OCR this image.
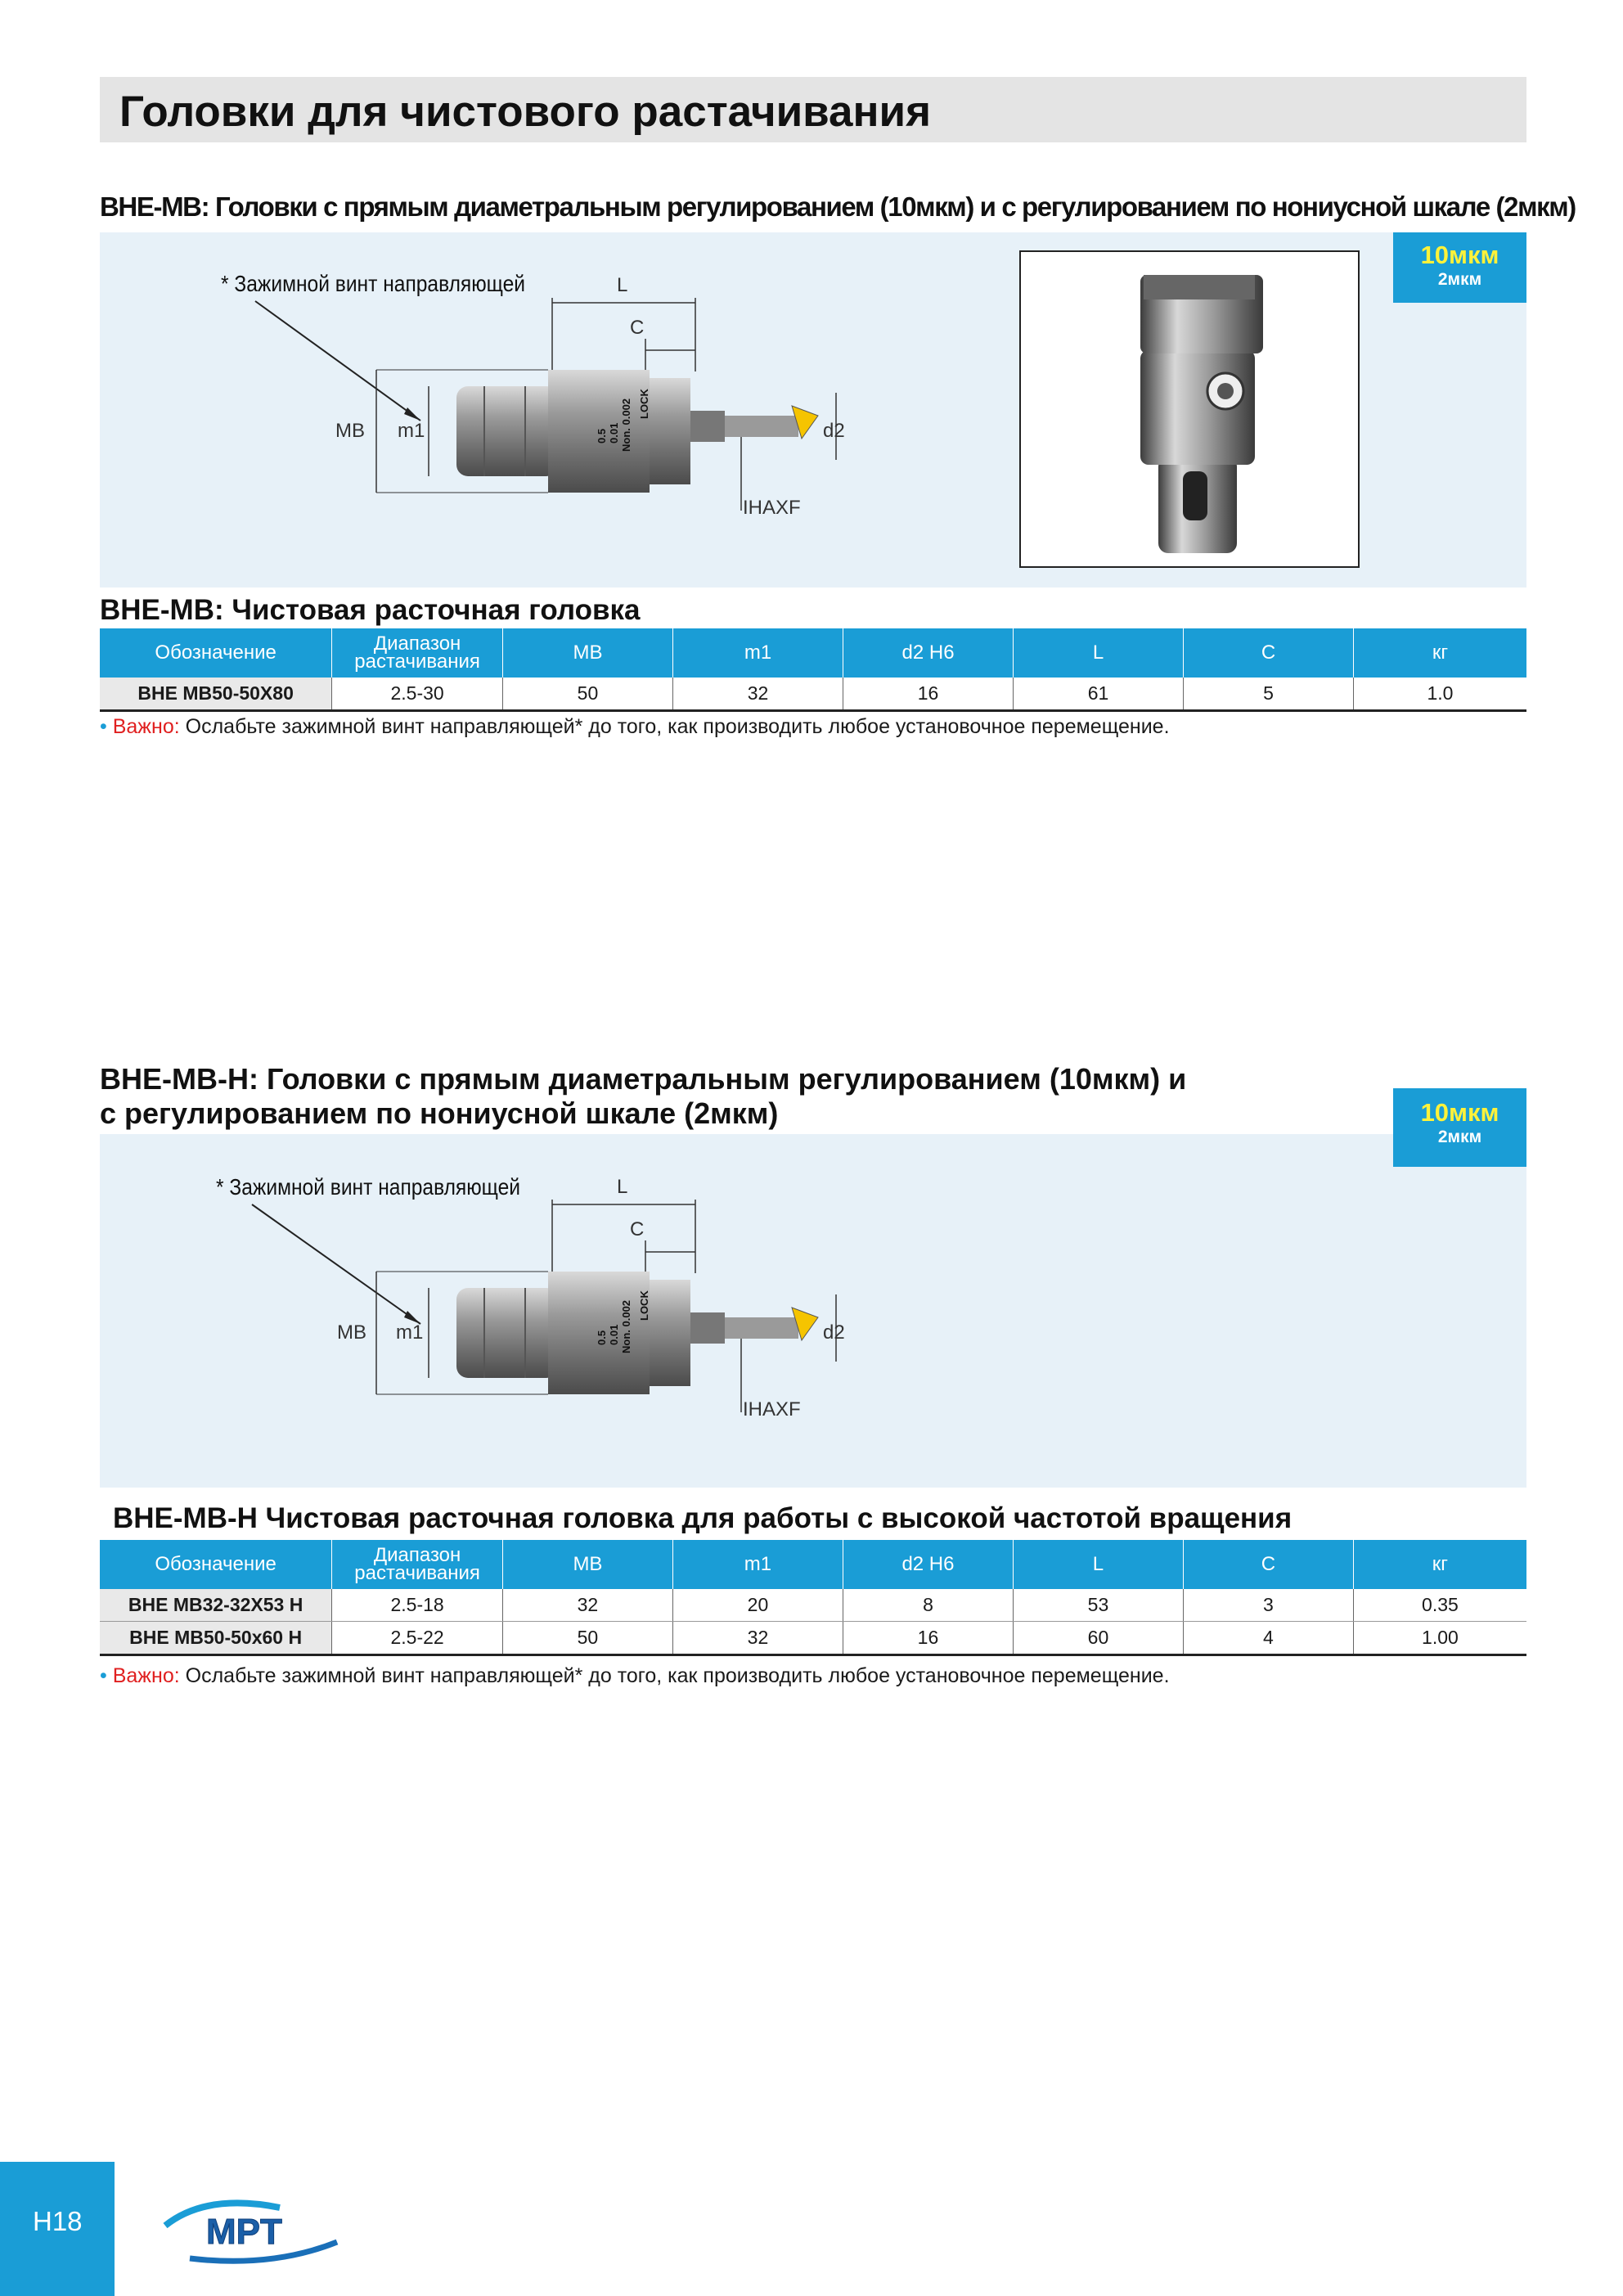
Головки для чистового растачивания
BHE-MB: Головки с прямым диаметральным регулированием (10мкм) и с регулированием по нониусной шкале (2мкм)
10мкм
2мкм
* Зажимной винт направляющей	L
C
0.5 0.01 Non. 0.002 LOCK
MB m1	d2
IHAXF
BHE-MB: Чистовая расточная головка
Обозначение	Диапазон растачивания	MB	m1	d2 H6	L	C	кг
BHE MB50-50X80	2.5-30	50	32	16	61	5	1.0
• Важно: Ослабьте зажимной винт направляющей* до того, как производить любое установочное перемещение.
BHE-MB-H: Головки с прямым диаметральным регулированием (10мкм) и
с регулированием по нониусной шкале (2мкм)	10мкм
2мкм
* Зажимной винт направляющей	L
C
0.5 0.01 Non. 0.002 LOCK
MB m1	d2
IHAXF
BHE-MB-H Чистовая расточная головка для работы с высокой частотой вращения
Обозначение	Диапазон растачивания	MB	m1	d2 H6	L	C	кг
BHE MB32-32X53 H	2.5-18	32	20	8	53	3	0.35
BHE MB50-50x60 H	2.5-22	50	32	16	60	4	1.00
• Важно: Ослабьте зажимной винт направляющей* до того, как производить любое установочное перемещение.
H18	MPT
